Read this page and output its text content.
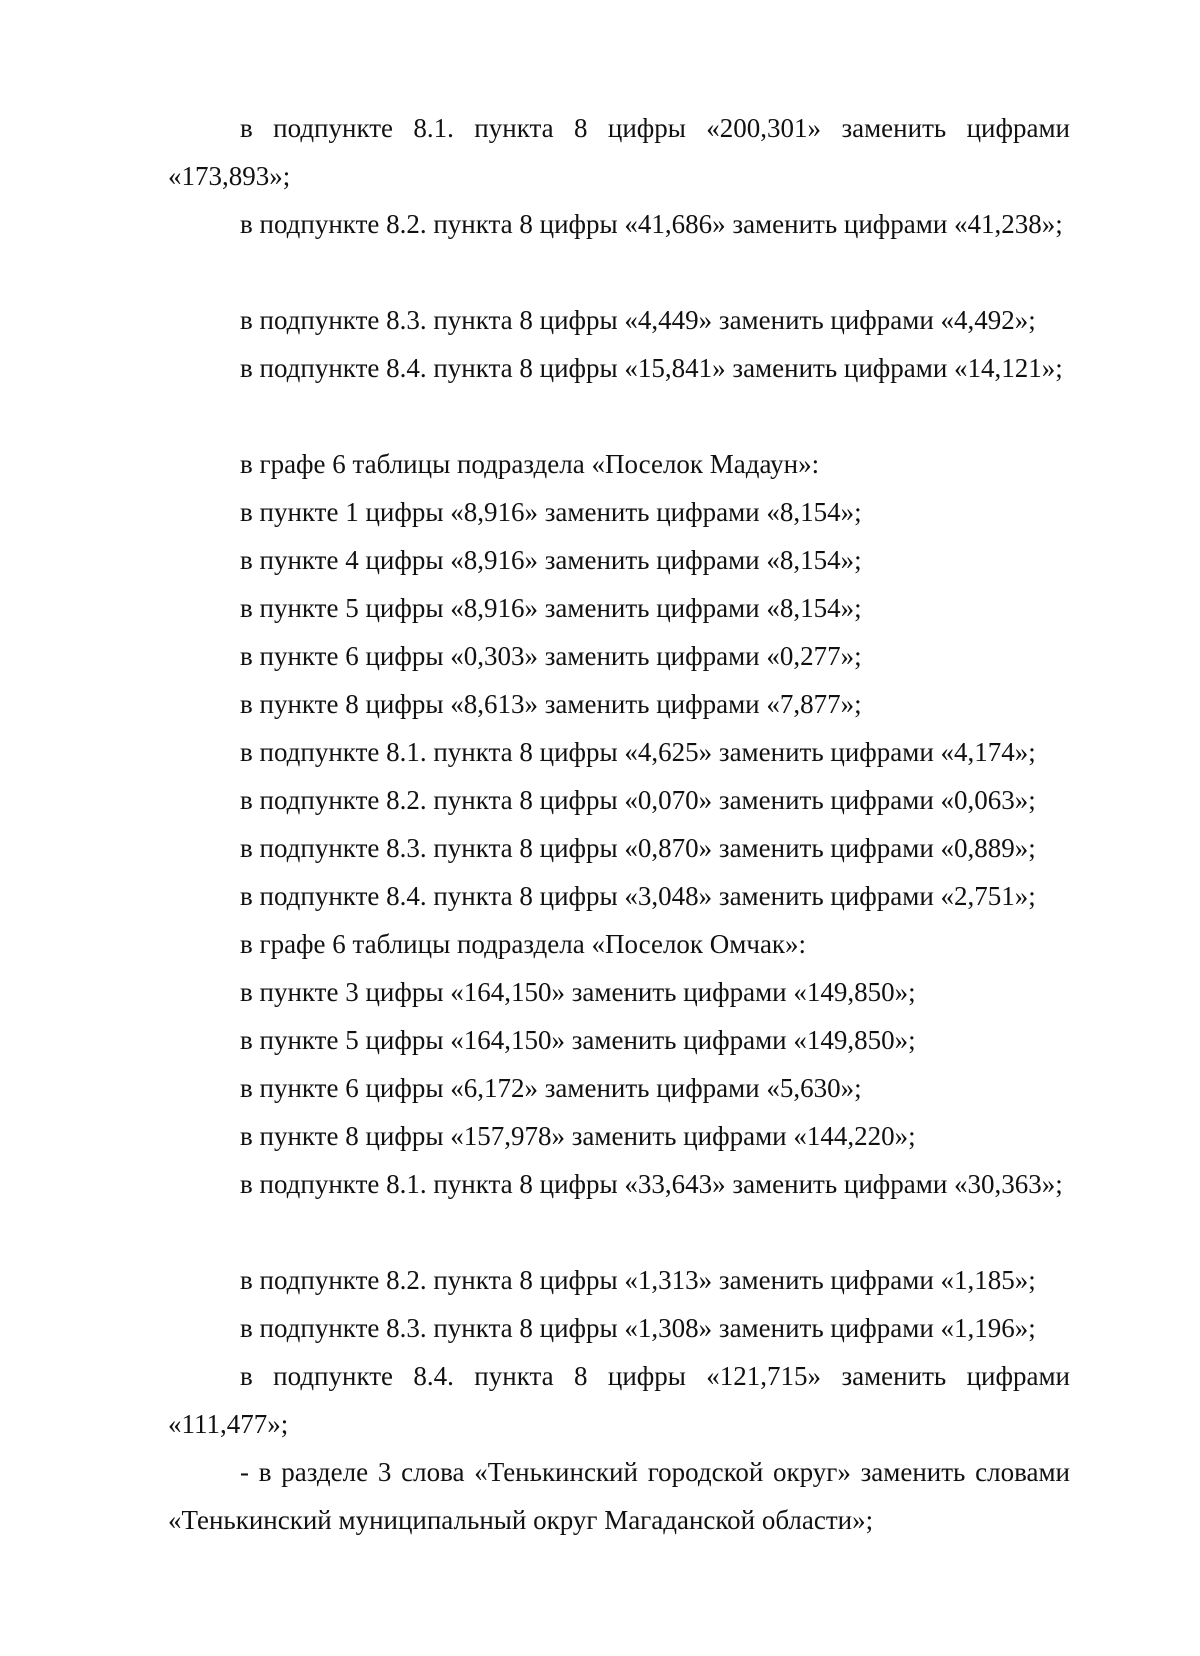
в подпункте 8.1. пункта 8 цифры «200,301» заменить цифрами «173,893»;

в подпункте 8.2. пункта 8 цифры «41,686» заменить цифрами «41,238»;

в подпункте 8.3. пункта 8 цифры «4,449» заменить цифрами «4,492»;

в подпункте 8.4. пункта 8 цифры «15,841» заменить цифрами «14,121»;

в графе 6 таблицы подраздела «Поселок Мадаун»:

в пункте 1 цифры «8,916» заменить цифрами «8,154»;

в пункте 4 цифры «8,916» заменить цифрами «8,154»;

в пункте 5 цифры «8,916» заменить цифрами «8,154»;

в пункте 6 цифры «0,303» заменить цифрами «0,277»;

в пункте 8 цифры «8,613» заменить цифрами «7,877»;

в подпункте 8.1. пункта 8 цифры «4,625» заменить цифрами «4,174»;

в подпункте 8.2. пункта 8 цифры «0,070» заменить цифрами «0,063»;

в подпункте 8.3. пункта 8 цифры «0,870» заменить цифрами «0,889»;

в подпункте 8.4. пункта 8 цифры «3,048» заменить цифрами «2,751»;

в графе 6 таблицы подраздела «Поселок Омчак»:

в пункте 3 цифры «164,150» заменить цифрами «149,850»;

в пункте 5 цифры «164,150» заменить цифрами «149,850»;

в пункте 6 цифры «6,172» заменить цифрами «5,630»;

в пункте 8 цифры «157,978» заменить цифрами «144,220»;

в подпункте 8.1. пункта 8 цифры «33,643» заменить цифрами «30,363»;

в подпункте 8.2. пункта 8 цифры «1,313» заменить цифрами «1,185»;

в подпункте 8.3. пункта 8 цифры «1,308» заменить цифрами «1,196»;

в подпункте 8.4. пункта 8 цифры «121,715» заменить цифрами «111,477»;

- в разделе 3 слова «Тенькинский городской округ» заменить словами «Тенькинский муниципальный округ Магаданской области»;
